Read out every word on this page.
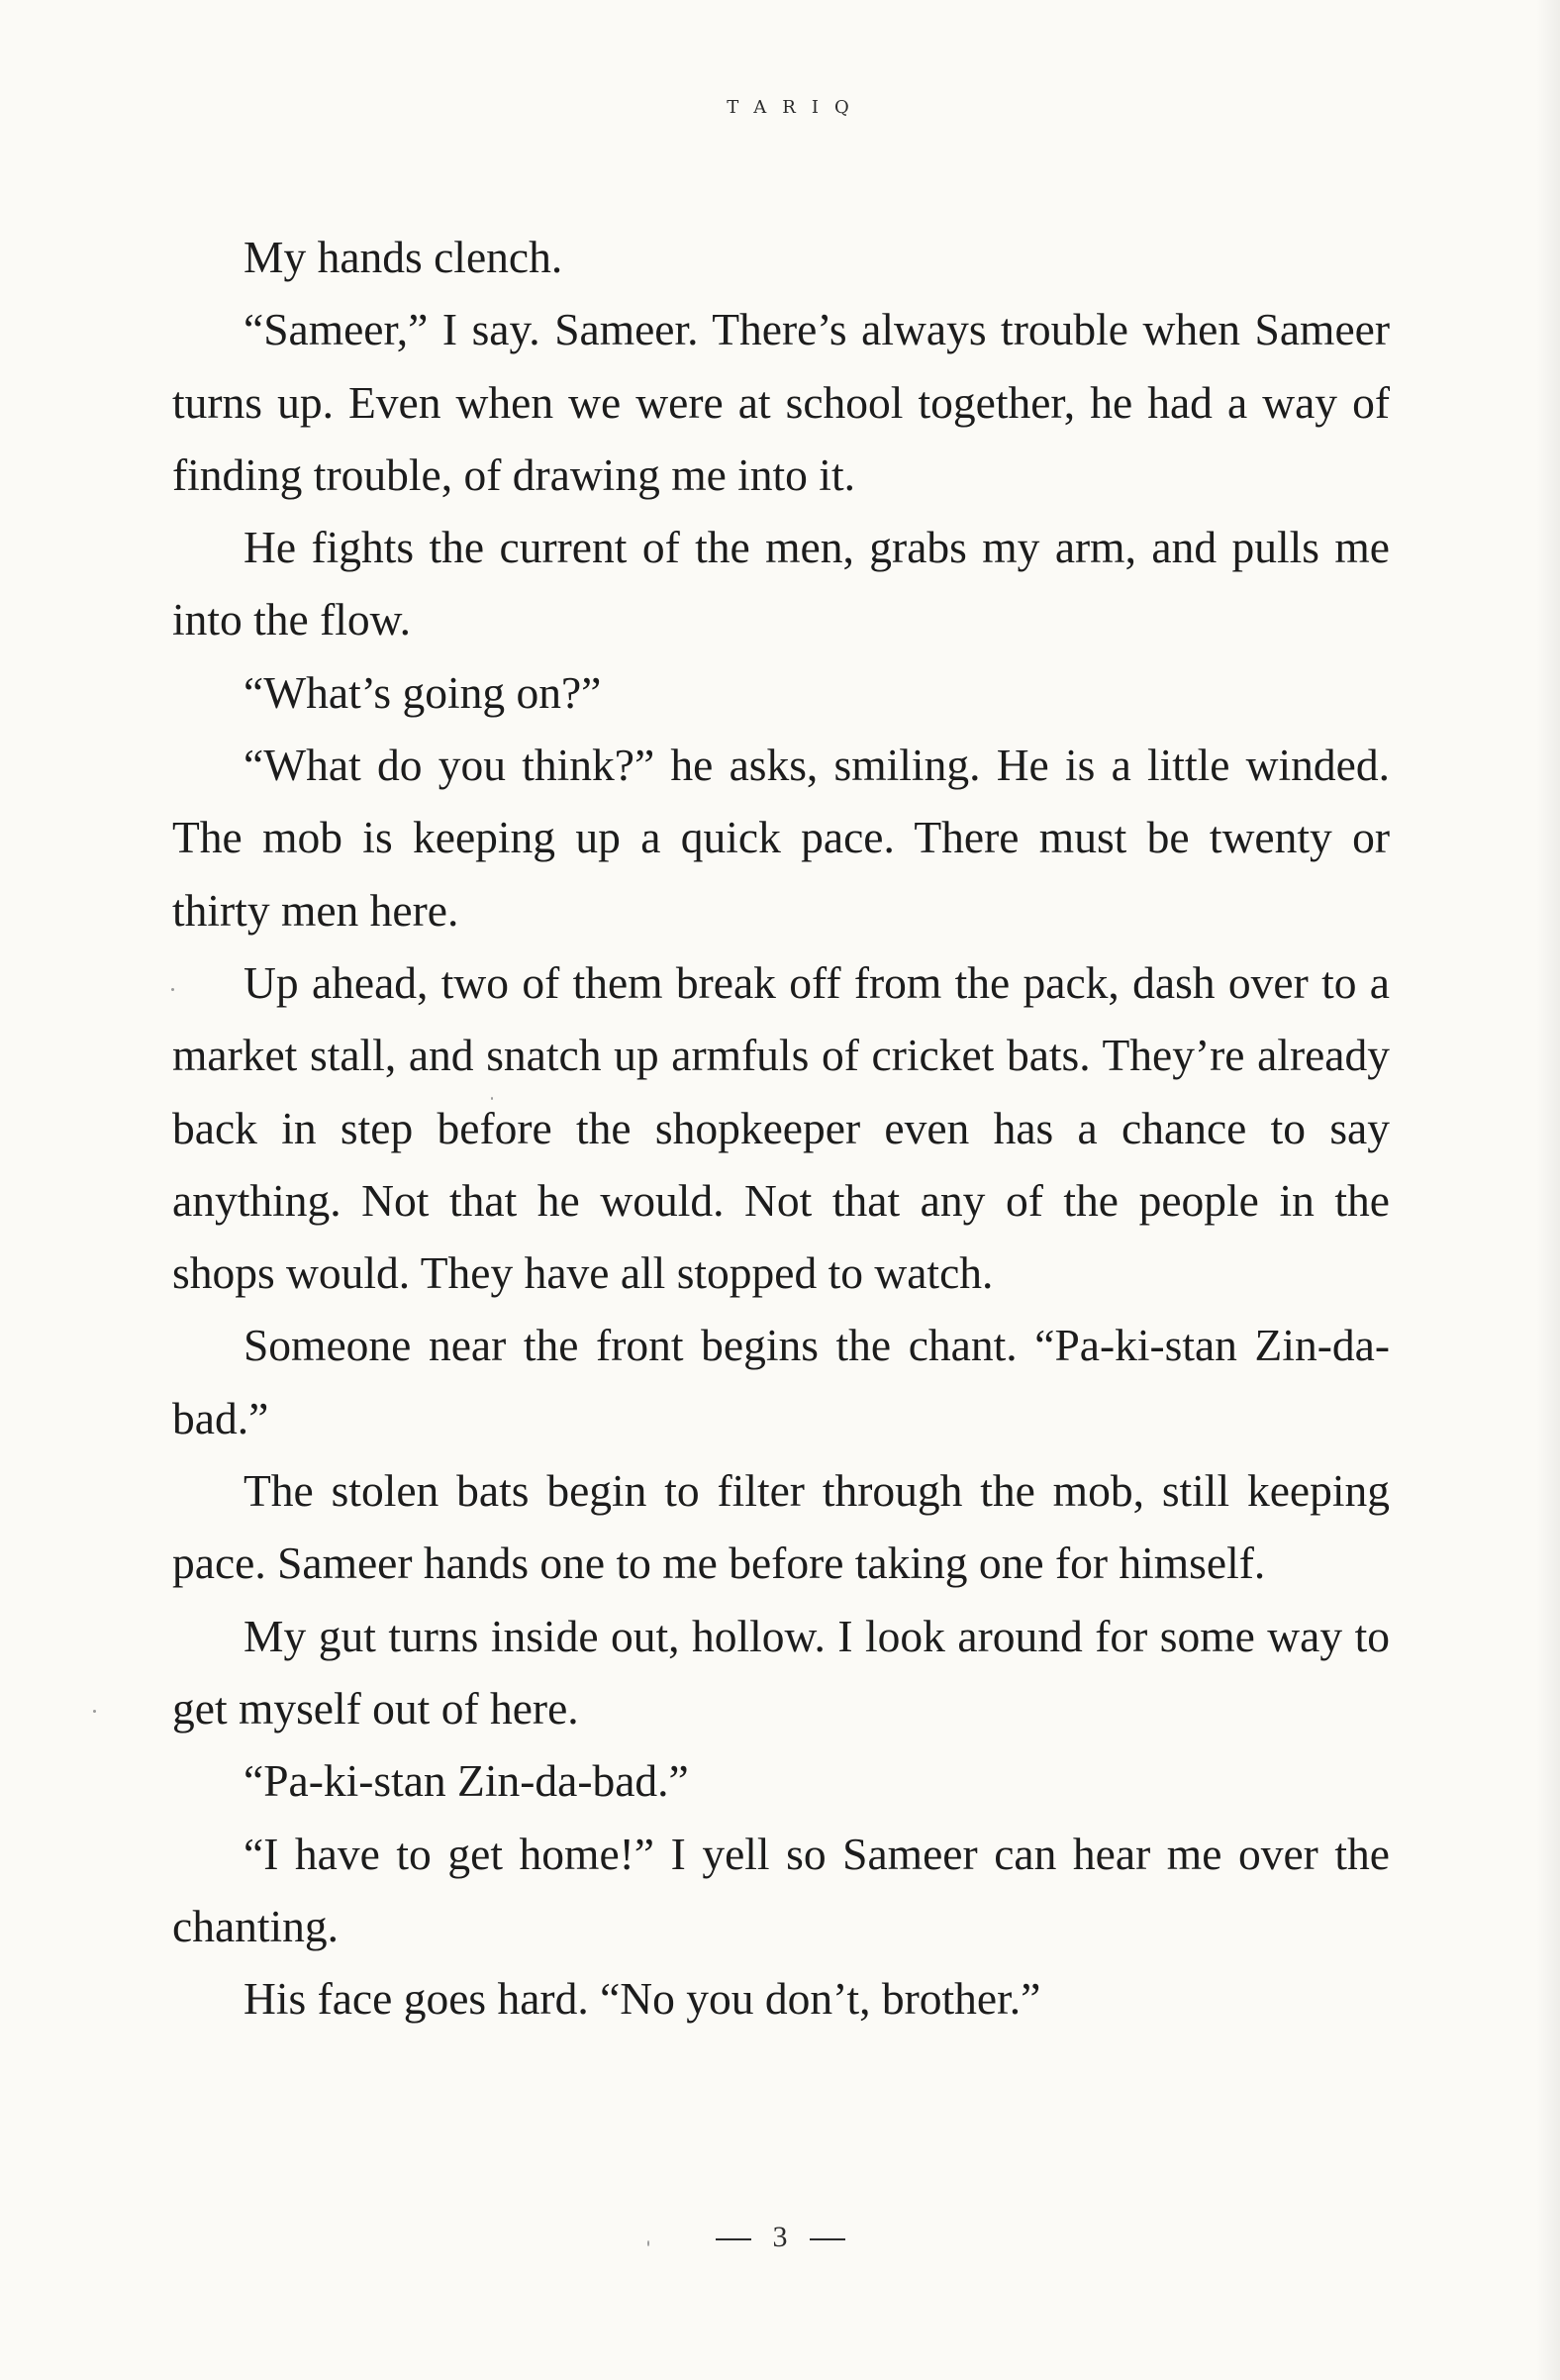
TARIQ

My hands clench.

“Sameer,” I say. Sameer. There’s always trouble when Sameer turns up. Even when we were at school together, he had a way of finding trouble, of drawing me into it.

He fights the current of the men, grabs my arm, and pulls me into the flow.

“What’s going on?”

“What do you think?” he asks, smiling. He is a little winded. The mob is keeping up a quick pace. There must be twenty or thirty men here.

Up ahead, two of them break off from the pack, dash over to a market stall, and snatch up armfuls of cricket bats. They’re already back in step before the shopkeeper even has a chance to say anything. Not that he would. Not that any of the people in the shops would. They have all stopped to watch.

Someone near the front begins the chant. “Pa-ki-stan Zin-da-bad.”

The stolen bats begin to filter through the mob, still keeping pace. Sameer hands one to me before taking one for himself.

My gut turns inside out, hollow. I look around for some way to get myself out of here.

“Pa-ki-stan Zin-da-bad.”

“I have to get home!” I yell so Sameer can hear me over the chanting.

His face goes hard. “No you don’t, brother.”

3
